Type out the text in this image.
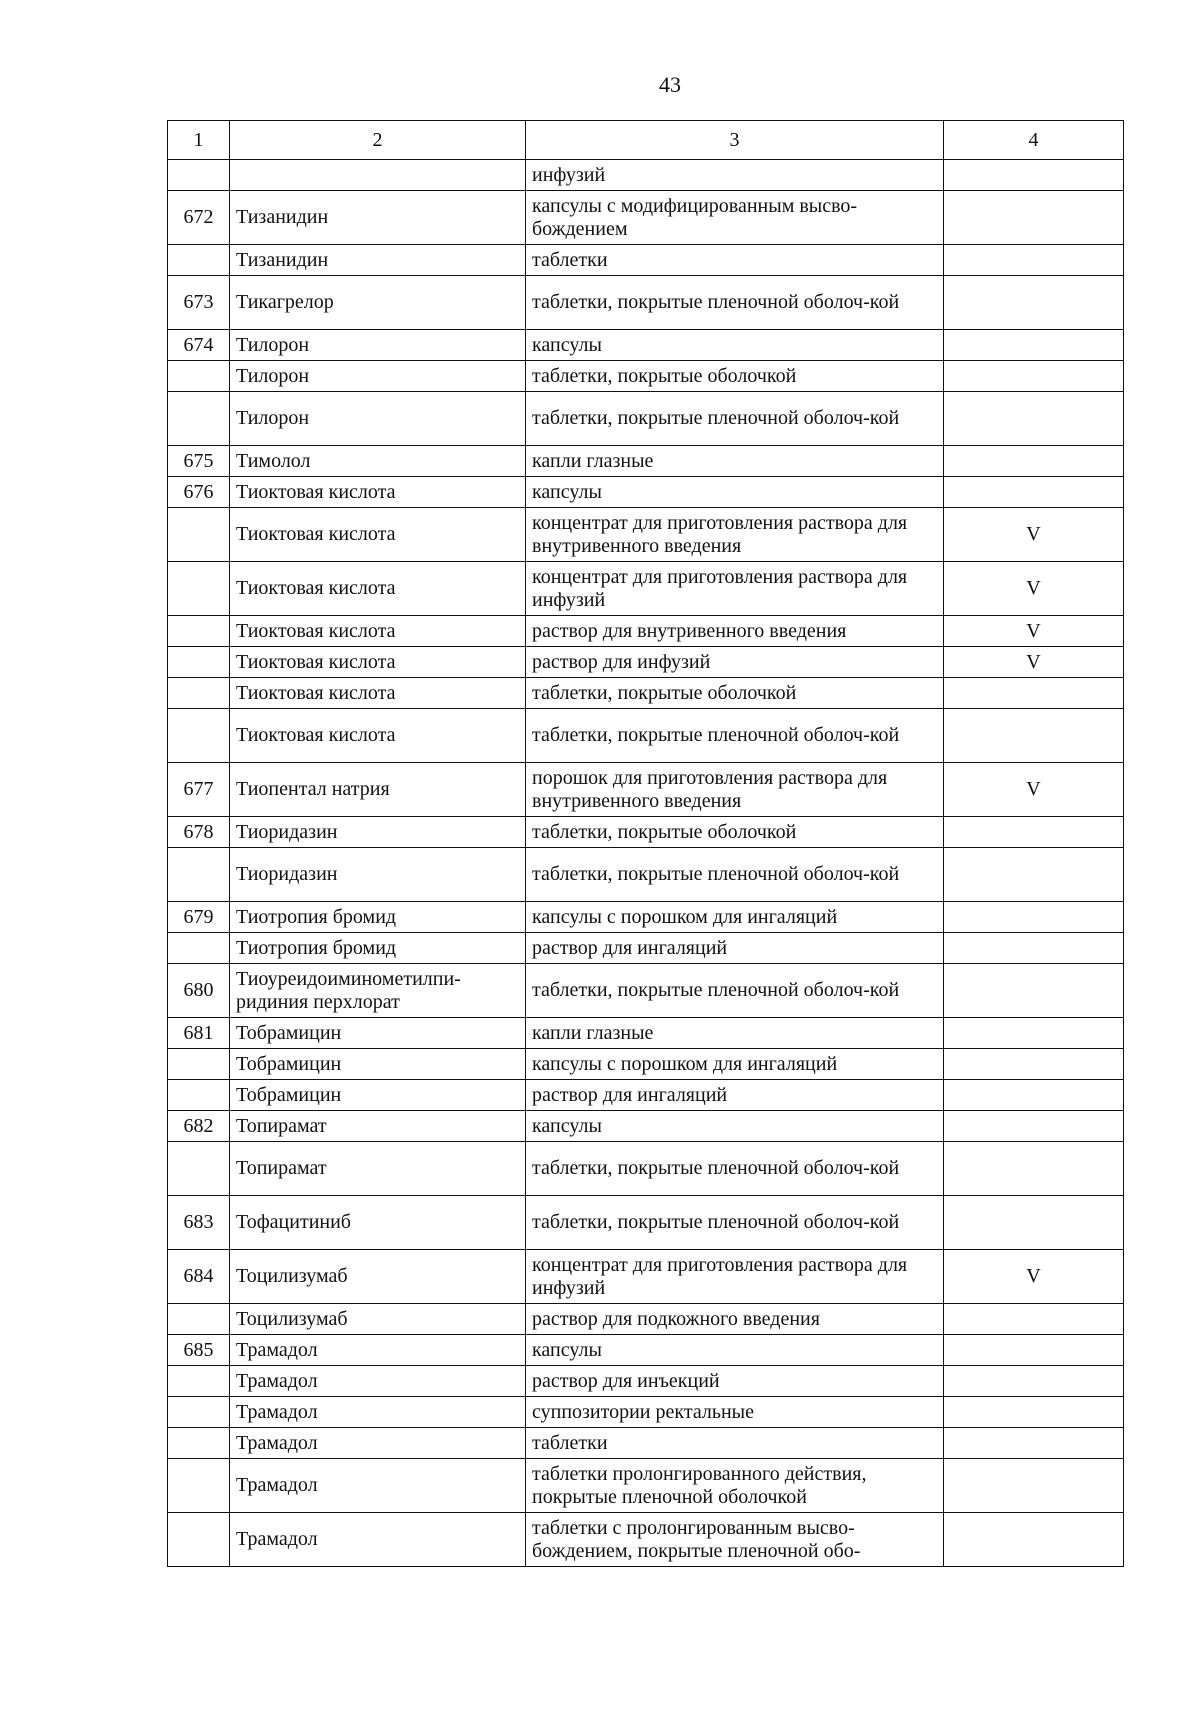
43
1	2	3	4
		инфузий	
672	Тизанидин	капсулы с модифицированным высво-бождением	
	Тизанидин	таблетки	
673	Тикагрелор	таблетки, покрытые пленочной оболоч-кой	
674	Тилорон	капсулы	
	Тилорон	таблетки, покрытые оболочкой	
	Тилорон	таблетки, покрытые пленочной оболоч-кой	
675	Тимолол	капли глазные	
676	Тиоктовая кислота	капсулы	
	Тиоктовая кислота	концентрат для приготовления раствора для внутривенного введения	V
	Тиоктовая кислота	концентрат для приготовления раствора для инфузий	V
	Тиоктовая кислота	раствор для внутривенного введения	V
	Тиоктовая кислота	раствор для инфузий	V
	Тиоктовая кислота	таблетки, покрытые оболочкой	
	Тиоктовая кислота	таблетки, покрытые пленочной оболоч-кой	
677	Тиопентал натрия	порошок для приготовления раствора для внутривенного введения	V
678	Тиоридазин	таблетки, покрытые оболочкой	
	Тиоридазин	таблетки, покрытые пленочной оболоч-кой	
679	Тиотропия бромид	капсулы с порошком для ингаляций	
	Тиотропия бромид	раствор для ингаляций	
680	Тиоуреидоиминометилпи-ридиния перхлорат	таблетки, покрытые пленочной оболоч-кой	
681	Тобрамицин	капли глазные	
	Тобрамицин	капсулы с порошком для ингаляций	
	Тобрамицин	раствор для ингаляций	
682	Топирамат	капсулы	
	Топирамат	таблетки, покрытые пленочной оболоч-кой	
683	Тофацитиниб	таблетки, покрытые пленочной оболоч-кой	
684	Тоцилизумаб	концентрат для приготовления раствора для инфузий	V
	Тоцилизумаб	раствор для подкожного введения	
685	Трамадол	капсулы	
	Трамадол	раствор для инъекций	
	Трамадол	суппозитории ректальные	
	Трамадол	таблетки	
	Трамадол	таблетки пролонгированного действия, покрытые пленочной оболочкой	
	Трамадол	таблетки с пролонгированным высво-бождением, покрытые пленочной обо-	
